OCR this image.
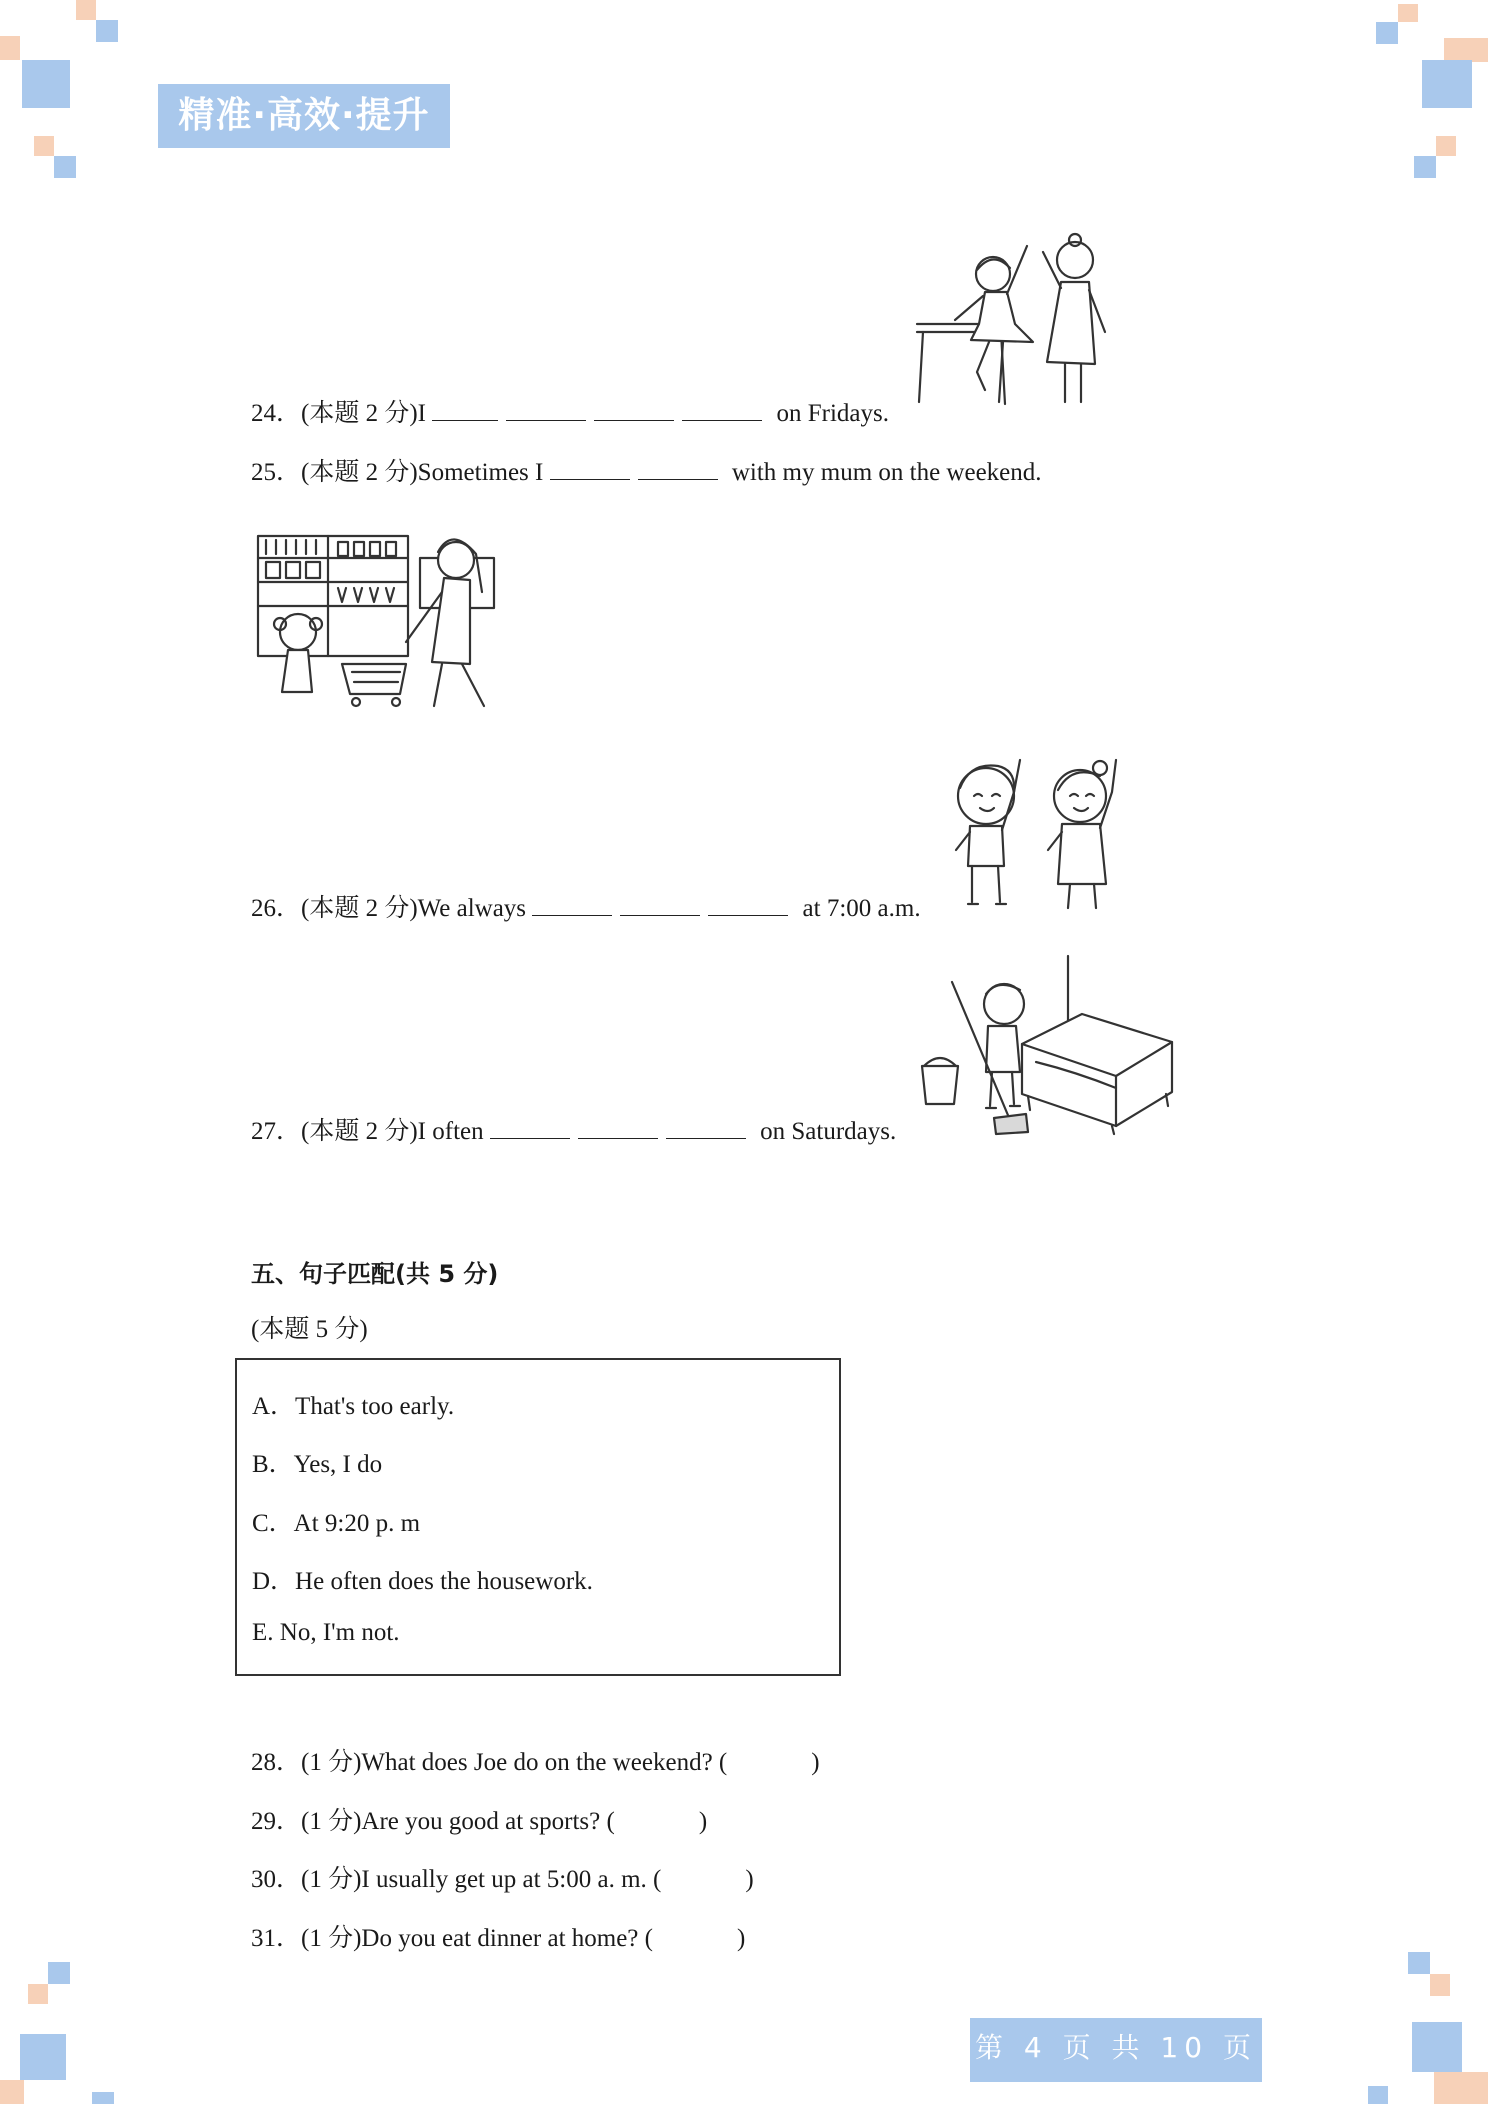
精准·高效·提升
24．(本题 2 分)I	on Fridays.
25．(本题 2 分)Sometimes I	with my mum on the weekend.
26．(本题 2 分)We always	at 7:00 a.m.
27．(本题 2 分)I often	on Saturdays.
五、句子匹配(共 5 分)
(本题 5 分)
A．That's too early.
B．Yes, I do
C．At 9:20 p. m
D．He often does the housework.
E. No, I'm not.
28．(1 分)What does Joe do on the weekend? (	)
29．(1 分)Are you good at sports? (	)
30．(1 分)I usually get up at 5:00 a. m. (	)
31．(1 分)Do you eat dinner at home? (	)
第 4 页 共 10 页
